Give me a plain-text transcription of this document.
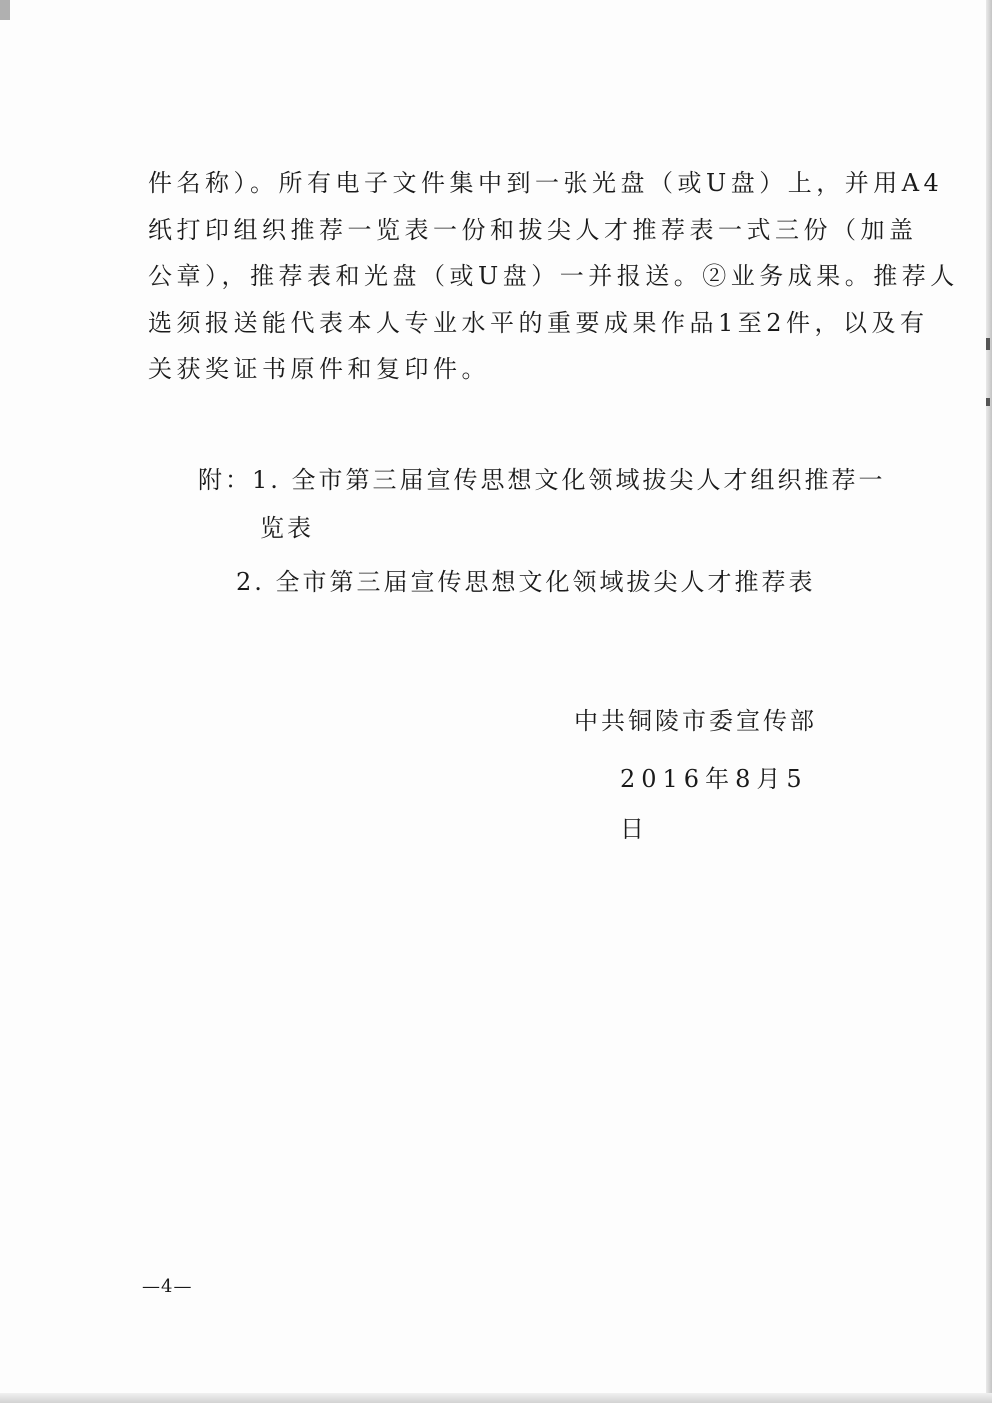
件名称）。所有电子文件集中到一张光盘（或U盘）上，并用A4
纸打印组织推荐一览表一份和拔尖人才推荐表一式三份（加盖
公章），推荐表和光盘（或U盘）一并报送。②业务成果。推荐人
选须报送能代表本人专业水平的重要成果作品1至2件，以及有
关获奖证书原件和复印件。
附：1. 全市第三届宣传思想文化领域拔尖人才组织推荐一
览表
2. 全市第三届宣传思想文化领域拔尖人才推荐表
中共铜陵市委宣传部
2016年8月5日
—4—
